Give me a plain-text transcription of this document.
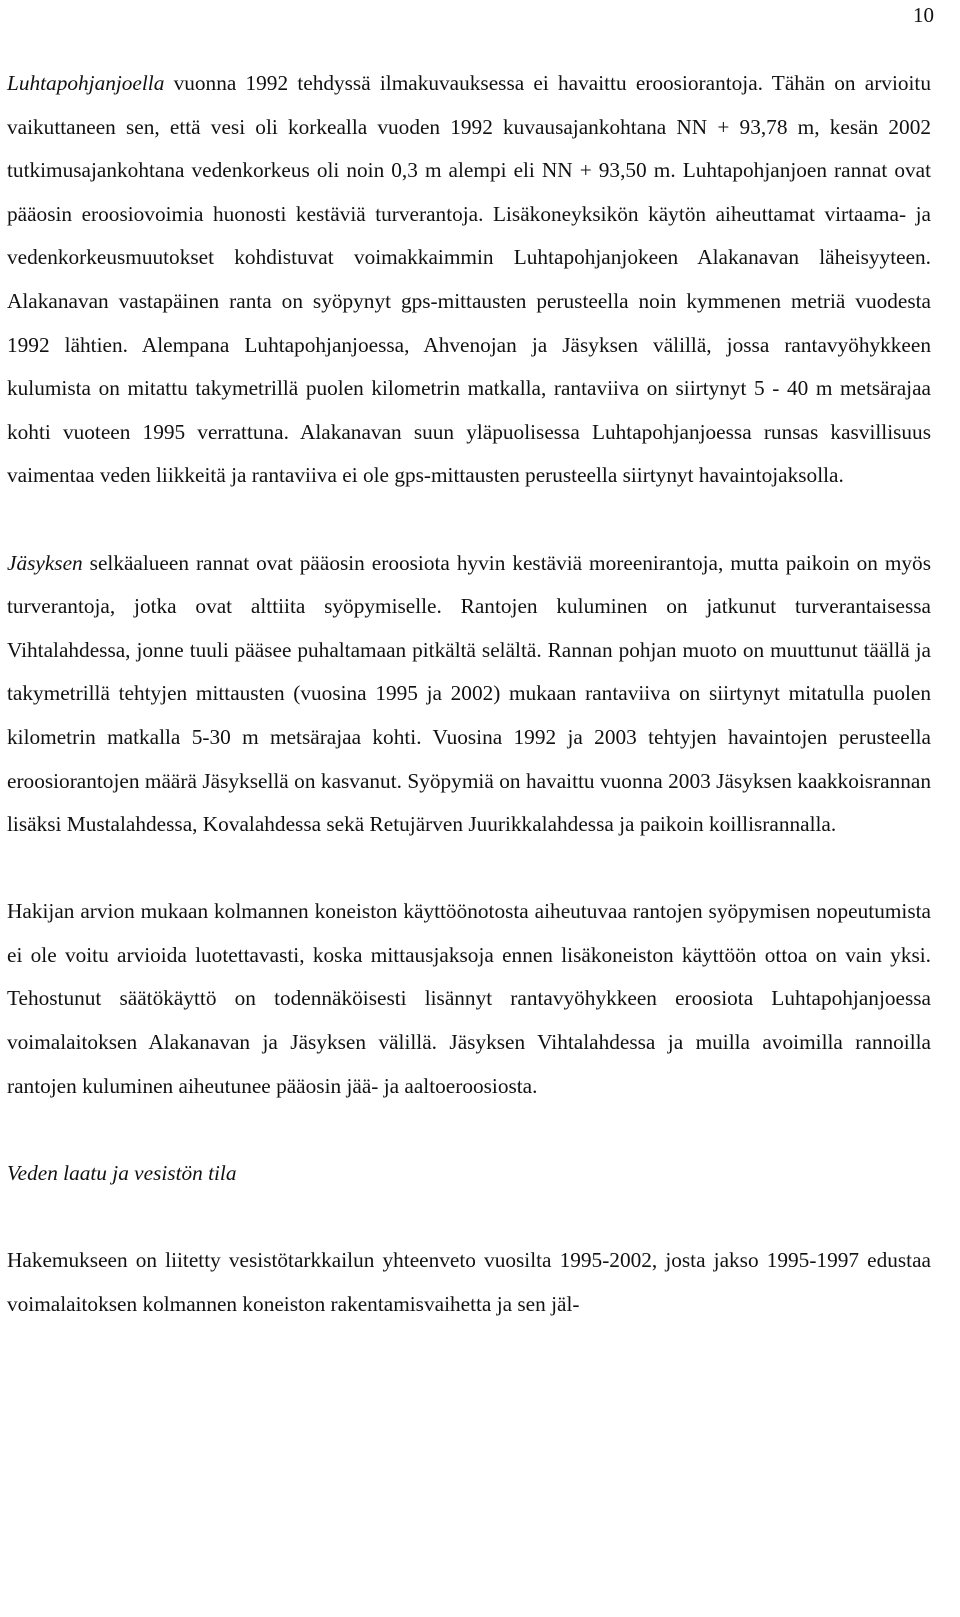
10

Luhtapohjanjoella vuonna 1992 tehdyssä ilmakuvauksessa ei havaittu eroosiorantoja. Tähän on arvioitu vaikuttaneen sen, että vesi oli korkealla vuoden 1992 kuvausajankohtana NN + 93,78 m, kesän 2002 tutkimusajankohtana vedenkorkeus oli noin 0,3 m alempi eli NN + 93,50 m. Luhtapohjanjoen rannat ovat pääosin eroosiovoimia huonosti kestäviä turverantoja. Lisäkoneyksikön käytön aiheuttamat virtaama- ja vedenkorkeusmuutokset kohdistuvat voimakkaimmin Luhtapohjanjokeen Alakanavan läheisyyteen. Alakanavan vastapäinen ranta on syöpynyt gps-mittausten perusteella noin kymmenen metriä vuodesta 1992 lähtien. Alempana Luhtapohjanjoessa, Ahvenojan ja Jäsyksen välillä, jossa rantavyöhykkeen kulumista on mitattu takymetrillä puolen kilometrin matkalla, rantaviiva on siirtynyt 5 - 40 m metsärajaa kohti vuoteen 1995 verrattuna. Alakanavan suun yläpuolisessa Luhtapohjanjoessa runsas kasvillisuus vaimentaa veden liikkeitä ja rantaviiva ei ole gps-mittausten perusteella siirtynyt havaintojaksolla.

Jäsyksen selkäalueen rannat ovat pääosin eroosiota hyvin kestäviä moreenirantoja, mutta paikoin on myös turverantoja, jotka ovat alttiita syöpymiselle. Rantojen kuluminen on jatkunut turverantaisessa Vihtalahdessa, jonne tuuli pääsee puhaltamaan pitkältä selältä. Rannan pohjan muoto on muuttunut täällä ja takymetrillä tehtyjen mittausten (vuosina 1995 ja 2002) mukaan rantaviiva on siirtynyt mitatulla puolen kilometrin matkalla 5-30 m metsärajaa kohti. Vuosina 1992 ja 2003 tehtyjen havaintojen perusteella eroosiorantojen määrä Jäsyksellä on kasvanut. Syöpymiä on havaittu vuonna 2003 Jäsyksen kaakkoisrannan lisäksi Mustalahdessa, Kovalahdessa sekä Retujärven Juurikkalahdessa ja paikoin koillisrannalla.

Hakijan arvion mukaan kolmannen koneiston käyttöönotosta aiheutuvaa rantojen syöpymisen nopeutumista ei ole voitu arvioida luotettavasti, koska mittausjaksoja ennen lisäkoneiston käyttöön ottoa on vain yksi. Tehostunut säätökäyttö on todennäköisesti lisännyt rantavyöhykkeen eroosiota Luhtapohjanjoessa voimalaitoksen Alakanavan ja Jäsyksen välillä. Jäsyksen Vihtalahdessa ja muilla avoimilla rannoilla rantojen kuluminen aiheutunee pääosin jää- ja aaltoeroosiosta.

Veden laatu ja vesistön tila

Hakemukseen on liitetty vesistötarkkailun yhteenveto vuosilta 1995-2002, josta jakso 1995-1997 edustaa voimalaitoksen kolmannen koneiston rakentamisvaihetta ja sen jäl-
